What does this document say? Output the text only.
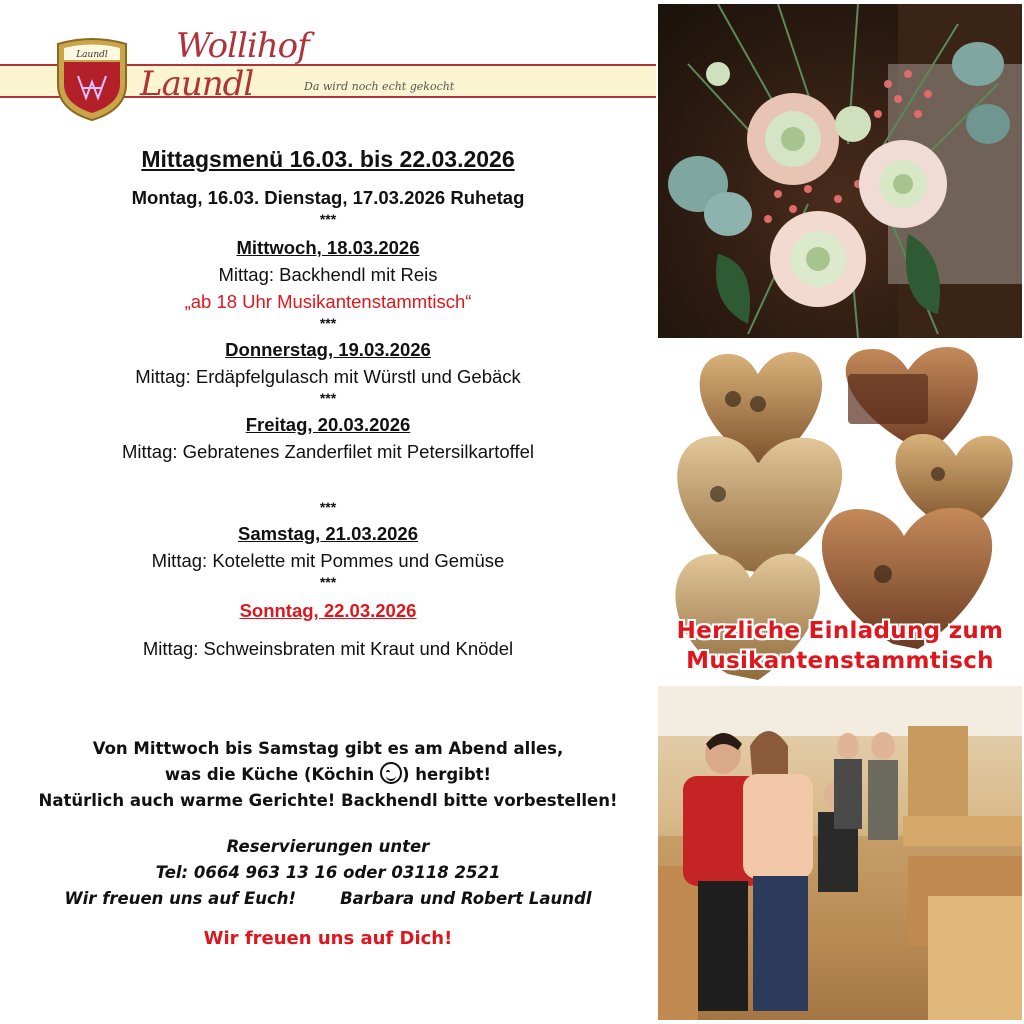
Laundl Wollihof
Laundl	Da wird noch echt gekocht
Mittagsmenü 16.03. bis 22.03.2026
Montag, 16.03. Dienstag, 17.03.2026 Ruhetag
***
Mittwoch, 18.03.2026
Mittag: Backhendl mit Reis
„ab 18 Uhr Musikantenstammtisch“
***
Donnerstag, 19.03.2026
Mittag: Erdäpfelgulasch mit Würstl und Gebäck
***
Freitag, 20.03.2026
Mittag: Gebratenes Zanderfilet mit Petersilkartoffel
***
Samstag, 21.03.2026
Mittag: Kotelette mit Pommes und Gemüse
***
Sonntag, 22.03.2026
Mittag: Schweinsbraten mit Kraut und Knödel
Von Mittwoch bis Samstag gibt es am Abend alles,
was die Küche (Köchin ) hergibt!
Natürlich auch warme Gerichte! Backhendl bitte vorbestellen!
Reservierungen unter
Tel: 0664 963 13 16 oder 03118 2521
Wir freuen uns auf Euch!	Barbara und Robert Laundl
Wir freuen uns auf Dich!
Herzliche Einladung zum
Musikantenstammtisch
